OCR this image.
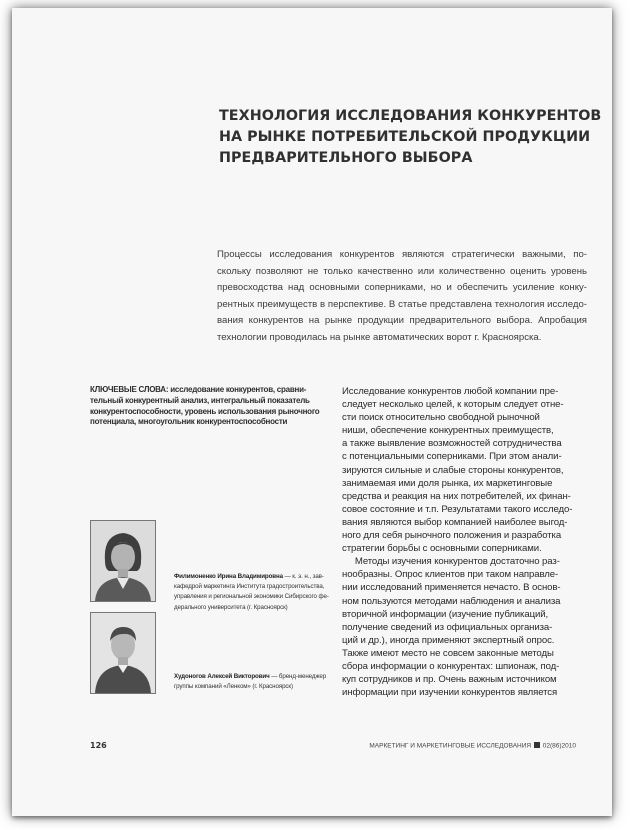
ТЕХНОЛОГИЯ ИССЛЕДОВАНИЯ КОНКУРЕНТОВ
НА РЫНКЕ ПОТРЕБИТЕЛЬСКОЙ ПРОДУКЦИИ
ПРЕДВАРИТЕЛЬНОГО ВЫБОРА
Процессы исследования конкурентов являются стратегически важными, по-
скольку позволяют не только качественно или количественно оценить уровень
превосходства над основными соперниками, но и обеспечить усиление конку-
рентных преимуществ в перспективе. В статье представлена технология исследо-
вания конкурентов на рынке продукции предварительного выбора. Апробация
технологии проводилась на рынке автоматических ворот г. Красноярска.
КЛЮЧЕВЫЕ СЛОВА: исследование конкурентов, сравни-
тельный конкурентный анализ, интегральный показатель
конкурентоспособности, уровень использования рыночного
потенциала, многоугольник конкурентоспособности
Исследование конкурентов любой компании пре-
следует несколько целей, к которым следует отне-
сти поиск относительно свободной рыночной
ниши, обеспечение конкурентных преимуществ,
а также выявление возможностей сотрудничества
с потенциальными соперниками. При этом анали-
зируются сильные и слабые стороны конкурентов,
занимаемая ими доля рынка, их маркетинговые
средства и реакция на них потребителей, их финан-
совое состояние и т.п. Результатами такого исследо-
вания являются выбор компанией наиболее выгод-
ного для себя рыночного положения и разработка
стратегии борьбы с основными соперниками.
Методы изучения конкурентов достаточно раз-
нообразны. Опрос клиентов при таком направле-
нии исследований применяется нечасто. В основ-
ном пользуются методами наблюдения и анализа
вторичной информации (изучение публикаций,
получение сведений из официальных организа-
ций и др.), иногда применяют экспертный опрос.
Также имеют место не совсем законные методы
сбора информации о конкурентах: шпионаж, под-
куп сотрудников и пр. Очень важным источником
информации при изучении конкурентов является
Филимоненко Ирина Владимировна — к. э. н., зав-
кафедрой маркетинга Института градостроительства,
управления и региональной экономики Сибирского фе-
дерального университета (г. Красноярск)
Худоногов Алексей Викторович — бренд-менеджер
группы компаний «Ленком» (г. Красноярск)
126	МАРКЕТИНГ И МАРКЕТИНГОВЫЕ ИССЛЕДОВАНИЯ 02(86)2010
